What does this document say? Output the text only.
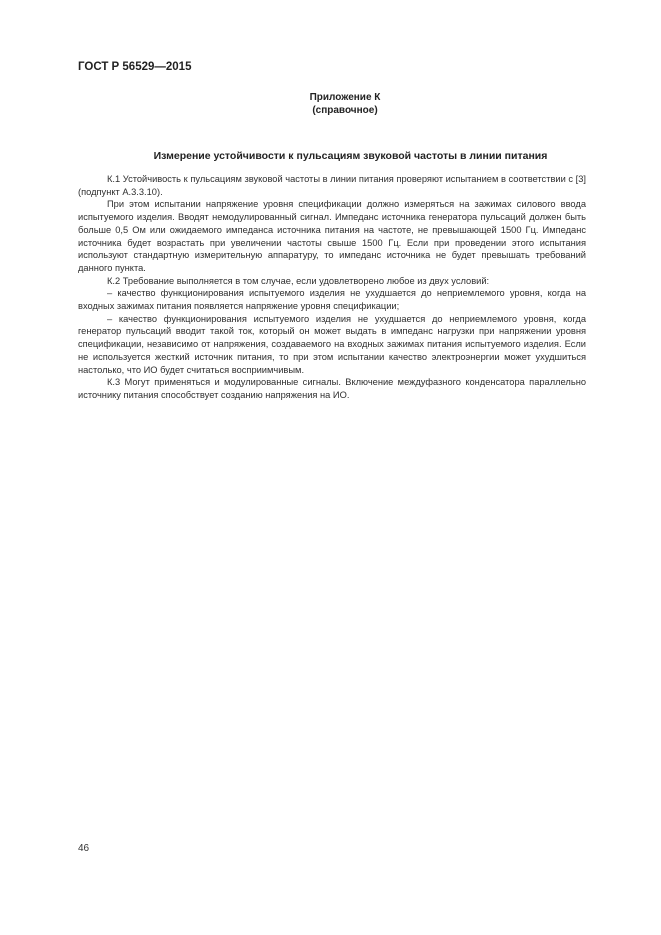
ГОСТ Р 56529—2015
Приложение К
(справочное)
Измерение устойчивости к пульсациям звуковой частоты в линии питания

К.1 Устойчивость к пульсациям звуковой частоты в линии питания проверяют испытанием в соответствии с [3] (подпункт А.3.3.10).

При этом испытании напряжение уровня спецификации должно измеряться на зажимах силового ввода испытуемого изделия. Вводят немодулированный сигнал. Импеданс источника генератора пульсаций должен быть больше 0,5 Ом или ожидаемого импеданса источника питания на частоте, не превышающей 1500 Гц. Импеданс источника будет возрастать при увеличении частоты свыше 1500 Гц. Если при проведении этого испытания используют стандартную измерительную аппаратуру, то импеданс источника не будет превышать требований данного пункта.

К.2 Требование выполняется в том случае, если удовлетворено любое из двух условий:

– качество функционирования испытуемого изделия не ухудшается до неприемлемого уровня, когда на входных зажимах питания появляется напряжение уровня спецификации;

– качество функционирования испытуемого изделия не ухудшается до неприемлемого уровня, когда генератор пульсаций вводит такой ток, который он может выдать в импеданс нагрузки при напряжении уровня спецификации, независимо от напряжения, создаваемого на входных зажимах питания испытуемого изделия. Если не используется жесткий источник питания, то при этом испытании качество электроэнергии может ухудшиться настолько, что ИО будет считаться восприимчивым.

К.3 Могут применяться и модулированные сигналы. Включение междуфазного конденсатора параллельно источнику питания способствует созданию напряжения на ИО.

46
